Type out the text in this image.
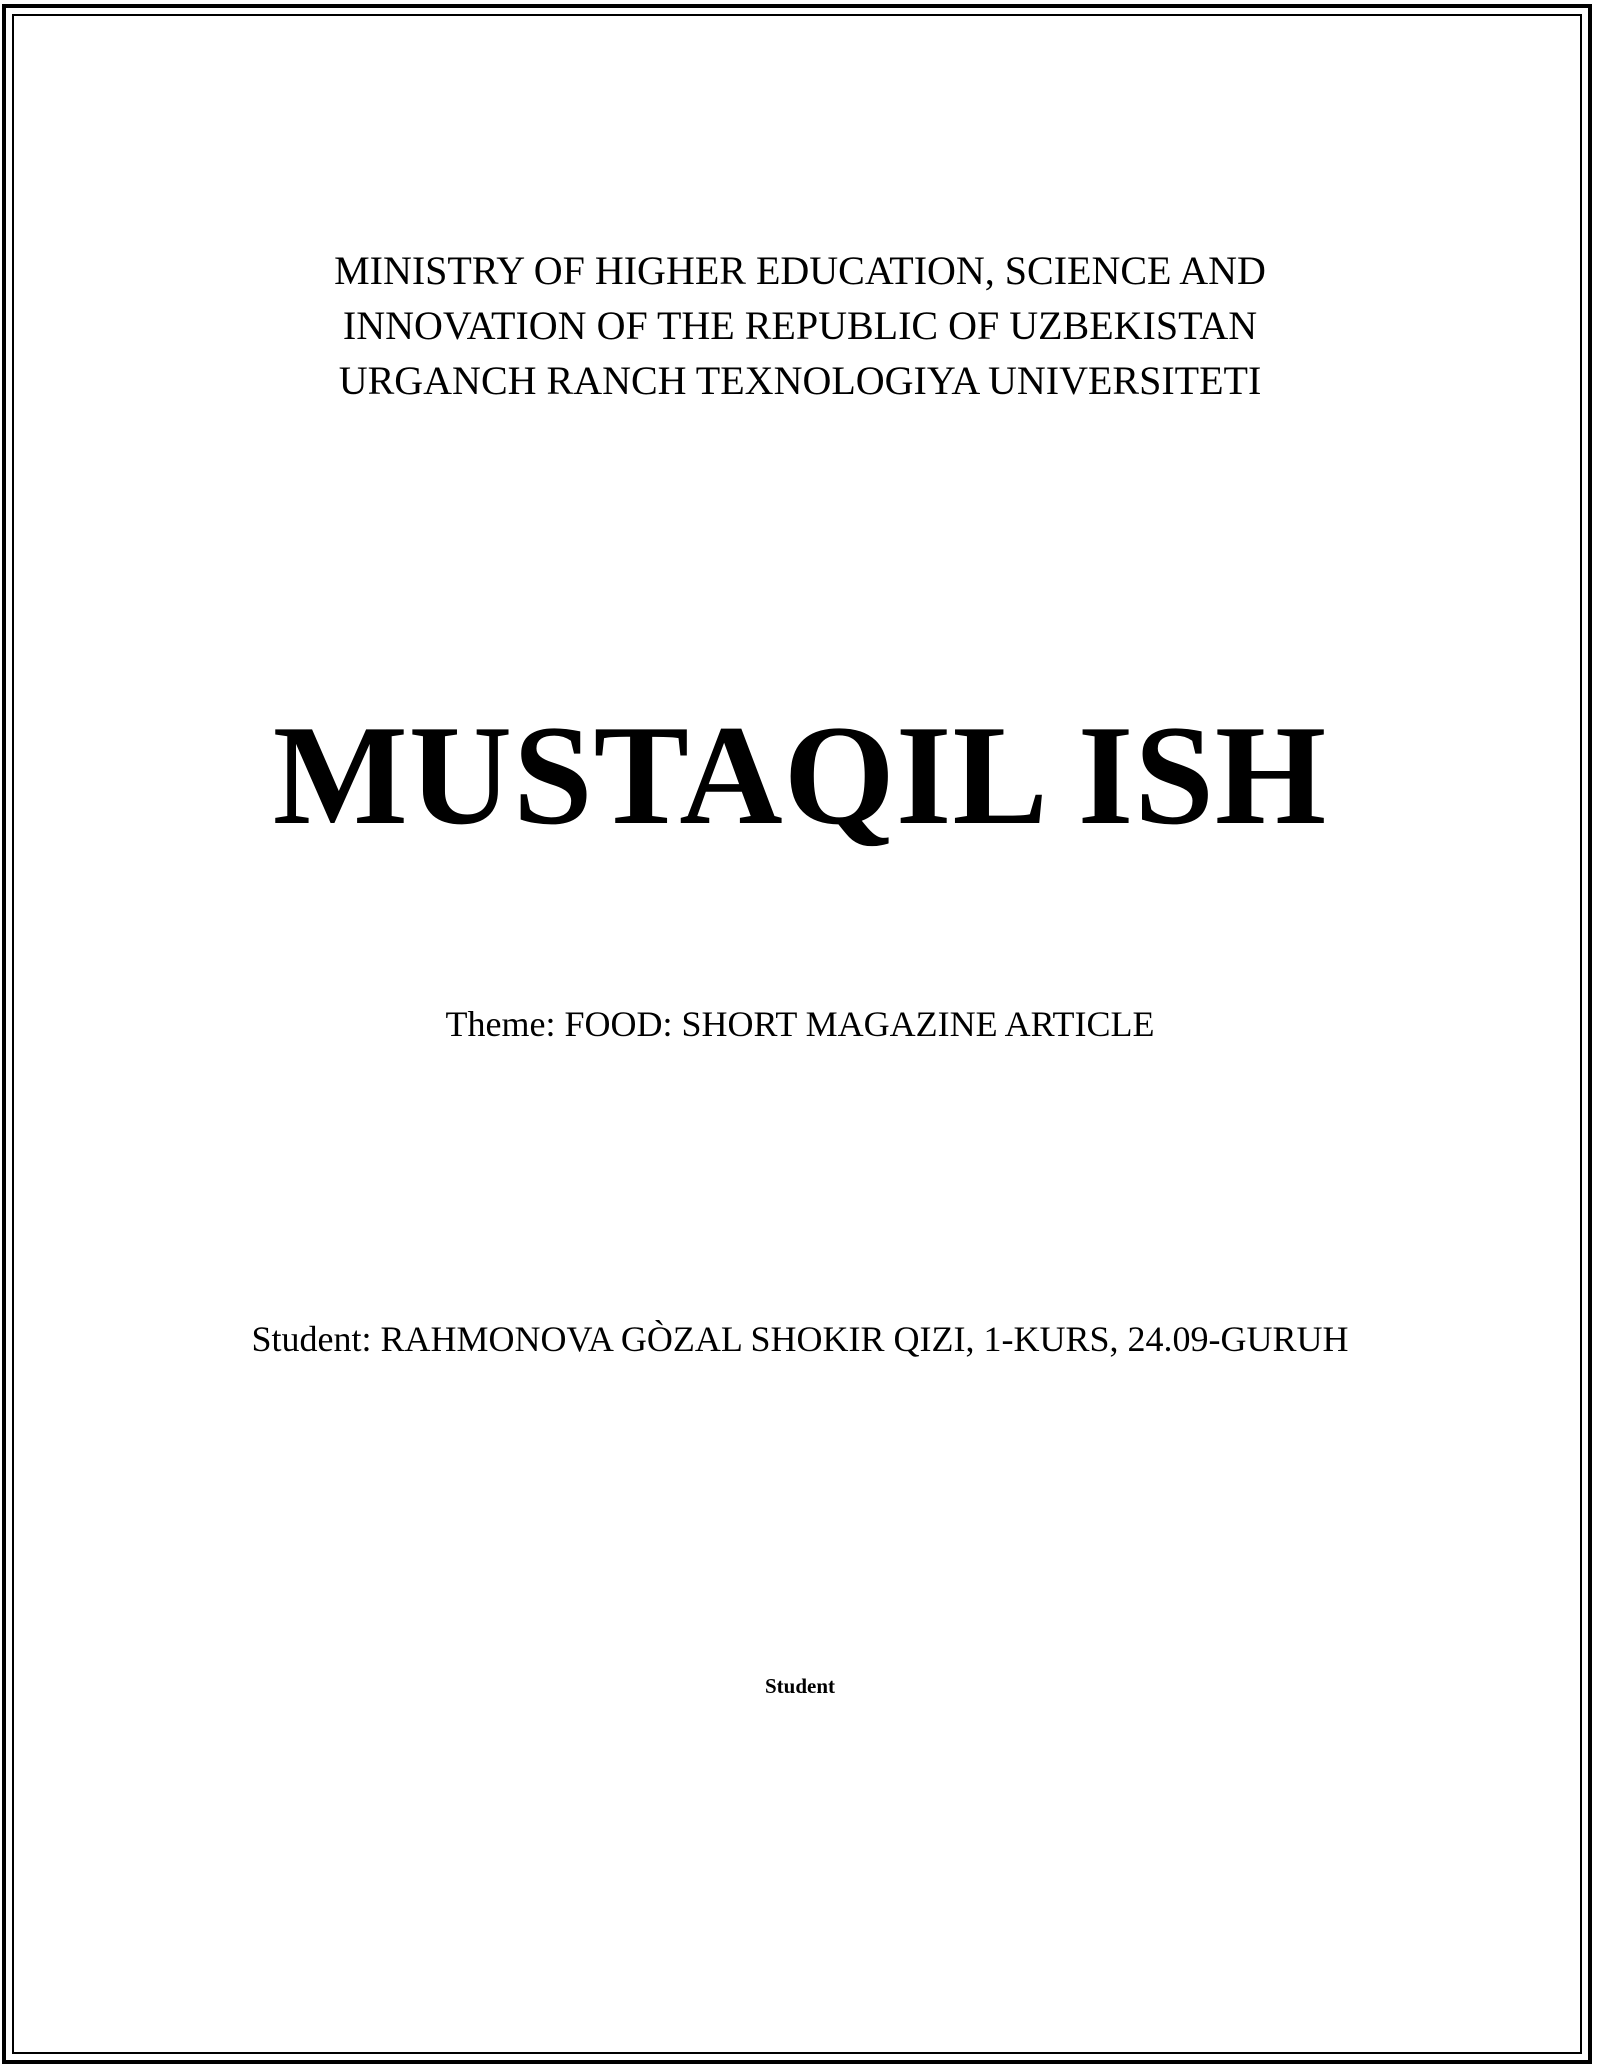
MINISTRY OF HIGHER EDUCATION, SCIENCE AND
INNOVATION OF THE REPUBLIC OF UZBEKISTAN
URGANCH RANCH TEXNOLOGIYA UNIVERSITETI
MUSTAQIL ISH
Theme: FOOD: SHORT MAGAZINE ARTICLE
Student: RAHMONOVA GÒZAL SHOKIR QIZI, 1-KURS, 24.09-GURUH
Student
